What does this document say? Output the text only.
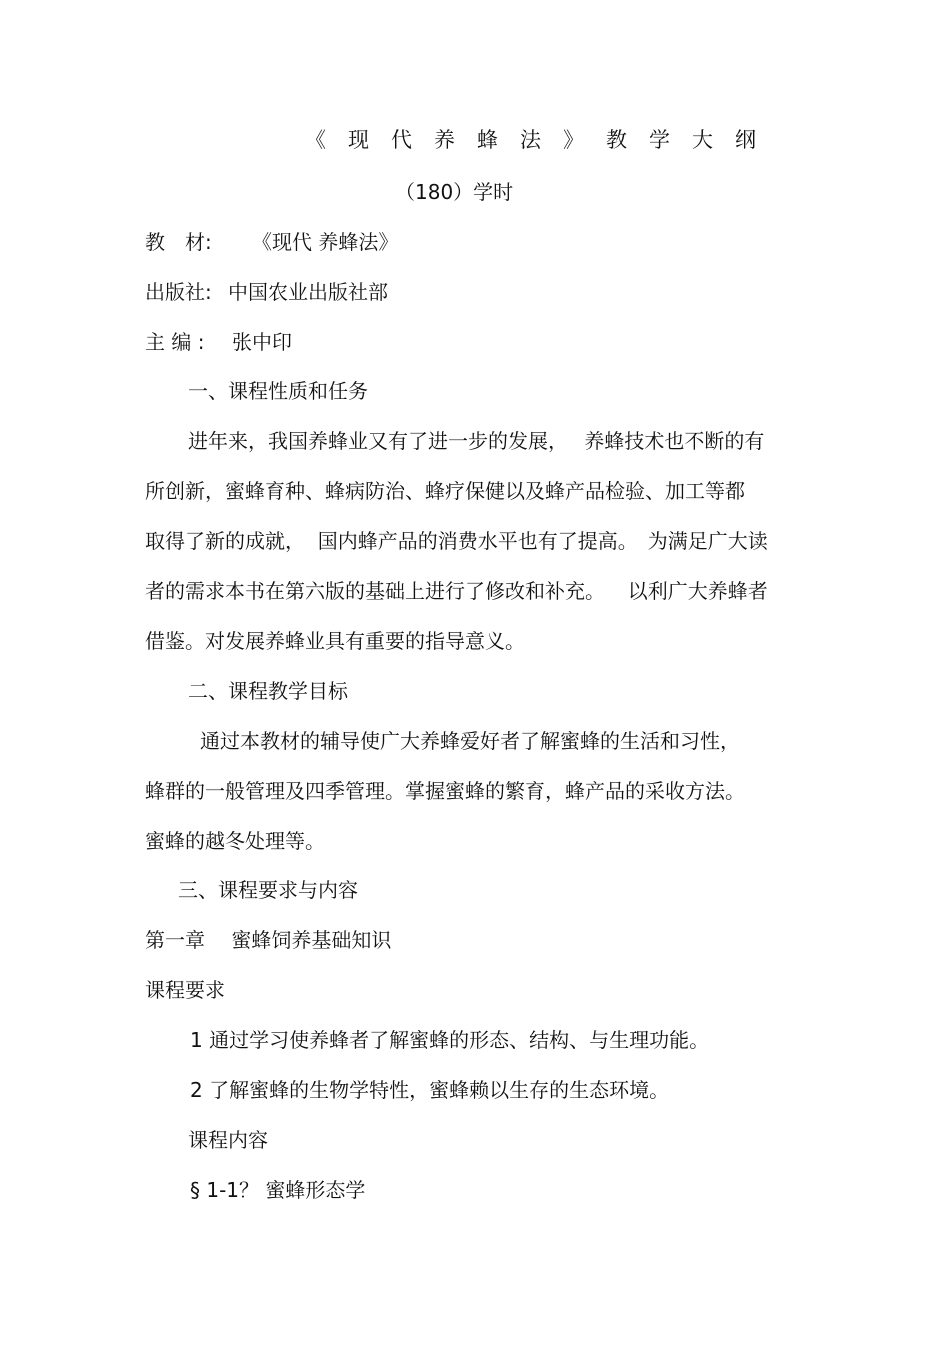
《现代养蜂法》教学大纲

（180）学时

教　材: 《现代 养蜂法》

出版社: 中国农业出版社部

主 编 : 张中印

一、课程性质和任务

进年来，我国养蜂业又有了进一步的发展，　 养蜂技术也不断的有

所创新，蜜蜂育种、蜂病防治、蜂疗保健以及蜂产品检验、加工等都

取得了新的成就，  国内蜂产品的消费水平也有了提高。　为满足广大读

者的需求本书在第六版的基础上进行了修改和补充。　  以利广大养蜂者

借鉴。对发展养蜂业具有重要的指导意义。

二、课程教学目标

通过本教材的辅导使广大养蜂爱好者了解蜜蜂的生活和习性，

蜂群的一般管理及四季管理。掌握蜜蜂的繁育，蜂产品的采收方法。

蜜蜂的越冬处理等。

三、课程要求与内容

第一章　 蜜蜂饲养基础知识

课程要求

1 通过学习使养蜂者了解蜜蜂的形态、结构、与生理功能。

2 了解蜜蜂的生物学特性，蜜蜂赖以生存的生态环境。

课程内容

§ 1-1？ 蜜蜂形态学
